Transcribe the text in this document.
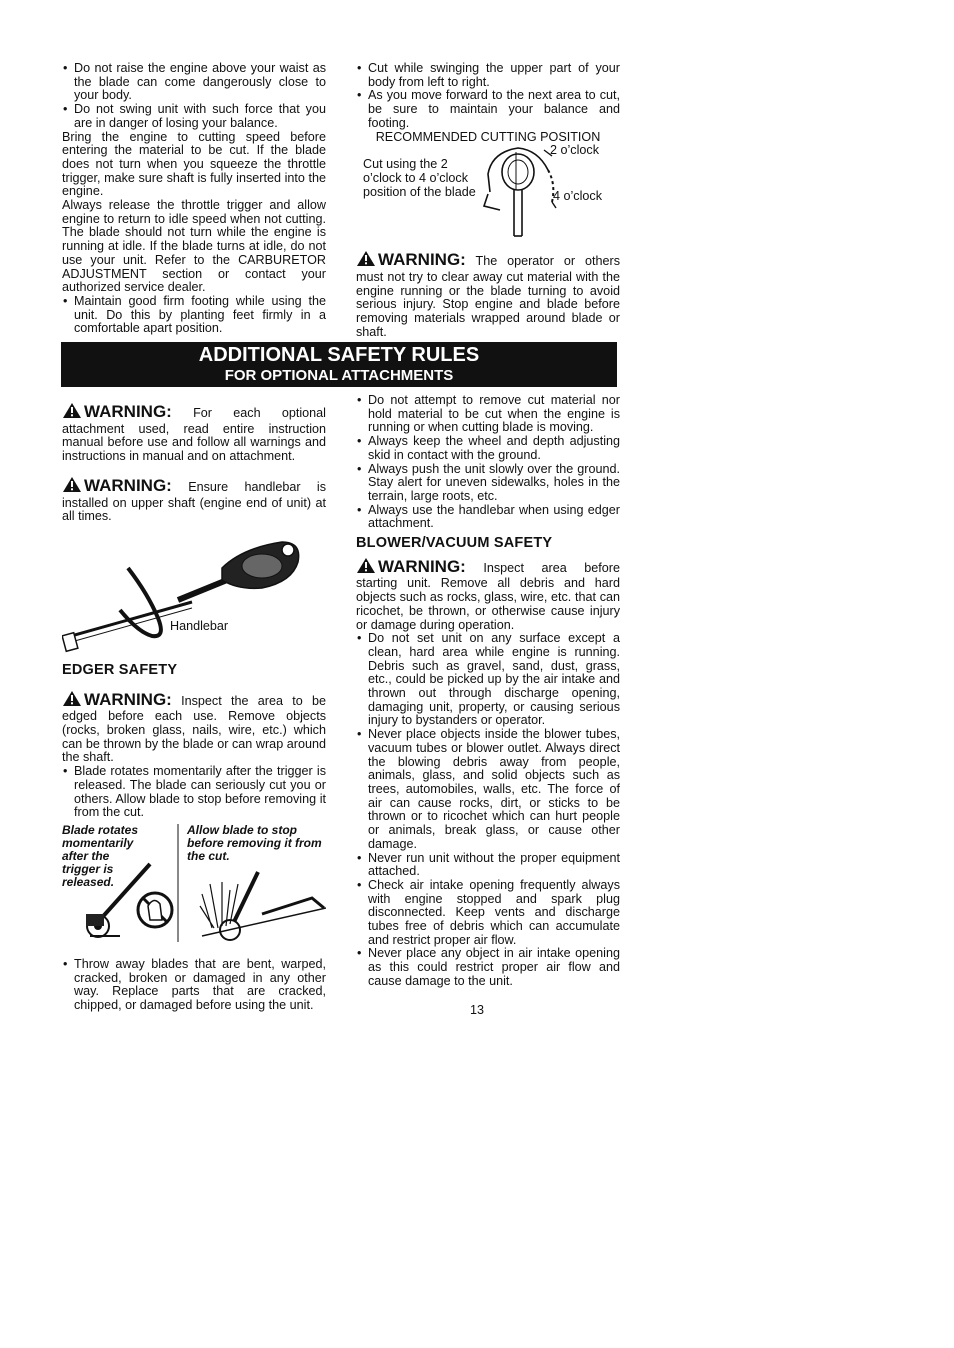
• Do not raise the engine above your waist as the blade can come dangerously close to your body.
• Do not swing unit with such force that you are in danger of losing your balance.

Bring the engine to cutting speed before entering the material to be cut. If the blade does not turn when you squeeze the throttle trigger, make sure shaft is fully inserted into the engine.

Always release the throttle trigger and allow engine to return to idle speed when not cutting. The blade should not turn while the engine is running at idle. If the blade turns at idle, do not use your unit. Refer to the CARBURETOR ADJUSTMENT section or contact your authorized service dealer.

• Maintain good firm footing while using the unit. Do this by planting feet firmly in a comfortable apart position.
• Cut while swinging the upper part of your body from left to right.
• As you move forward to the next area to cut, be sure to maintain your balance and footing.
RECOMMENDED CUTTING POSITION
Cut using the 2 o’clock to 4 o’clock position of the blade
2 o’clock
4 o’clock

WARNING: The operator or others must not try to clear away cut material with the engine running or the blade turning to avoid serious injury. Stop engine and blade before removing materials wrapped around blade or shaft.

ADDITIONAL SAFETY RULES
FOR OPTIONAL ATTACHMENTS

WARNING: For each optional attachment used, read entire instruction manual before use and follow all warnings and instructions in manual and on attachment.

WARNING: Ensure handlebar is installed on upper shaft (engine end of unit) at all times.

Handlebar
EDGER SAFETY

WARNING: Inspect the area to be edged before each use. Remove objects (rocks, broken glass, nails, wire, etc.) which can be thrown by the blade or can wrap around the shaft.

• Blade rotates momentarily after the trigger is released. The blade can seriously cut you or others. Allow blade to stop before removing it from the cut.
Blade rotates momentarily after the trigger is released.
Allow blade to stop before removing it from the cut.
• Throw away blades that are bent, warped, cracked, broken or damaged in any other way. Replace parts that are cracked, chipped, or damaged before using the unit.
• Do not attempt to remove cut material nor hold material to be cut when the engine is running or when cutting blade is moving.
• Always keep the wheel and depth adjusting skid in contact with the ground.
• Always push the unit slowly over the ground. Stay alert for uneven sidewalks, holes in the terrain, large roots, etc.
• Always use the handlebar when using edger attachment.
BLOWER/VACUUM SAFETY

WARNING: Inspect area before starting unit. Remove all debris and hard objects such as rocks, glass, wire, etc. that can ricochet, be thrown, or otherwise cause injury or damage during operation.

• Do not set unit on any surface except a clean, hard area while engine is running. Debris such as gravel, sand, dust, grass, etc., could be picked up by the air intake and thrown out through discharge opening, damaging unit, property, or causing serious injury to bystanders or operator.
• Never place objects inside the blower tubes, vacuum tubes or blower outlet. Always direct the blowing debris away from people, animals, glass, and solid objects such as trees, automobiles, walls, etc. The force of air can cause rocks, dirt, or sticks to be thrown or to ricochet which can hurt people or animals, break glass, or cause other damage.
• Never run unit without the proper equipment attached.
• Check air intake opening frequently always with engine stopped and spark plug disconnected. Keep vents and discharge tubes free of debris which can accumulate and restrict proper air flow.
• Never place any object in air intake opening as this could restrict proper air flow and cause damage to the unit.
13
